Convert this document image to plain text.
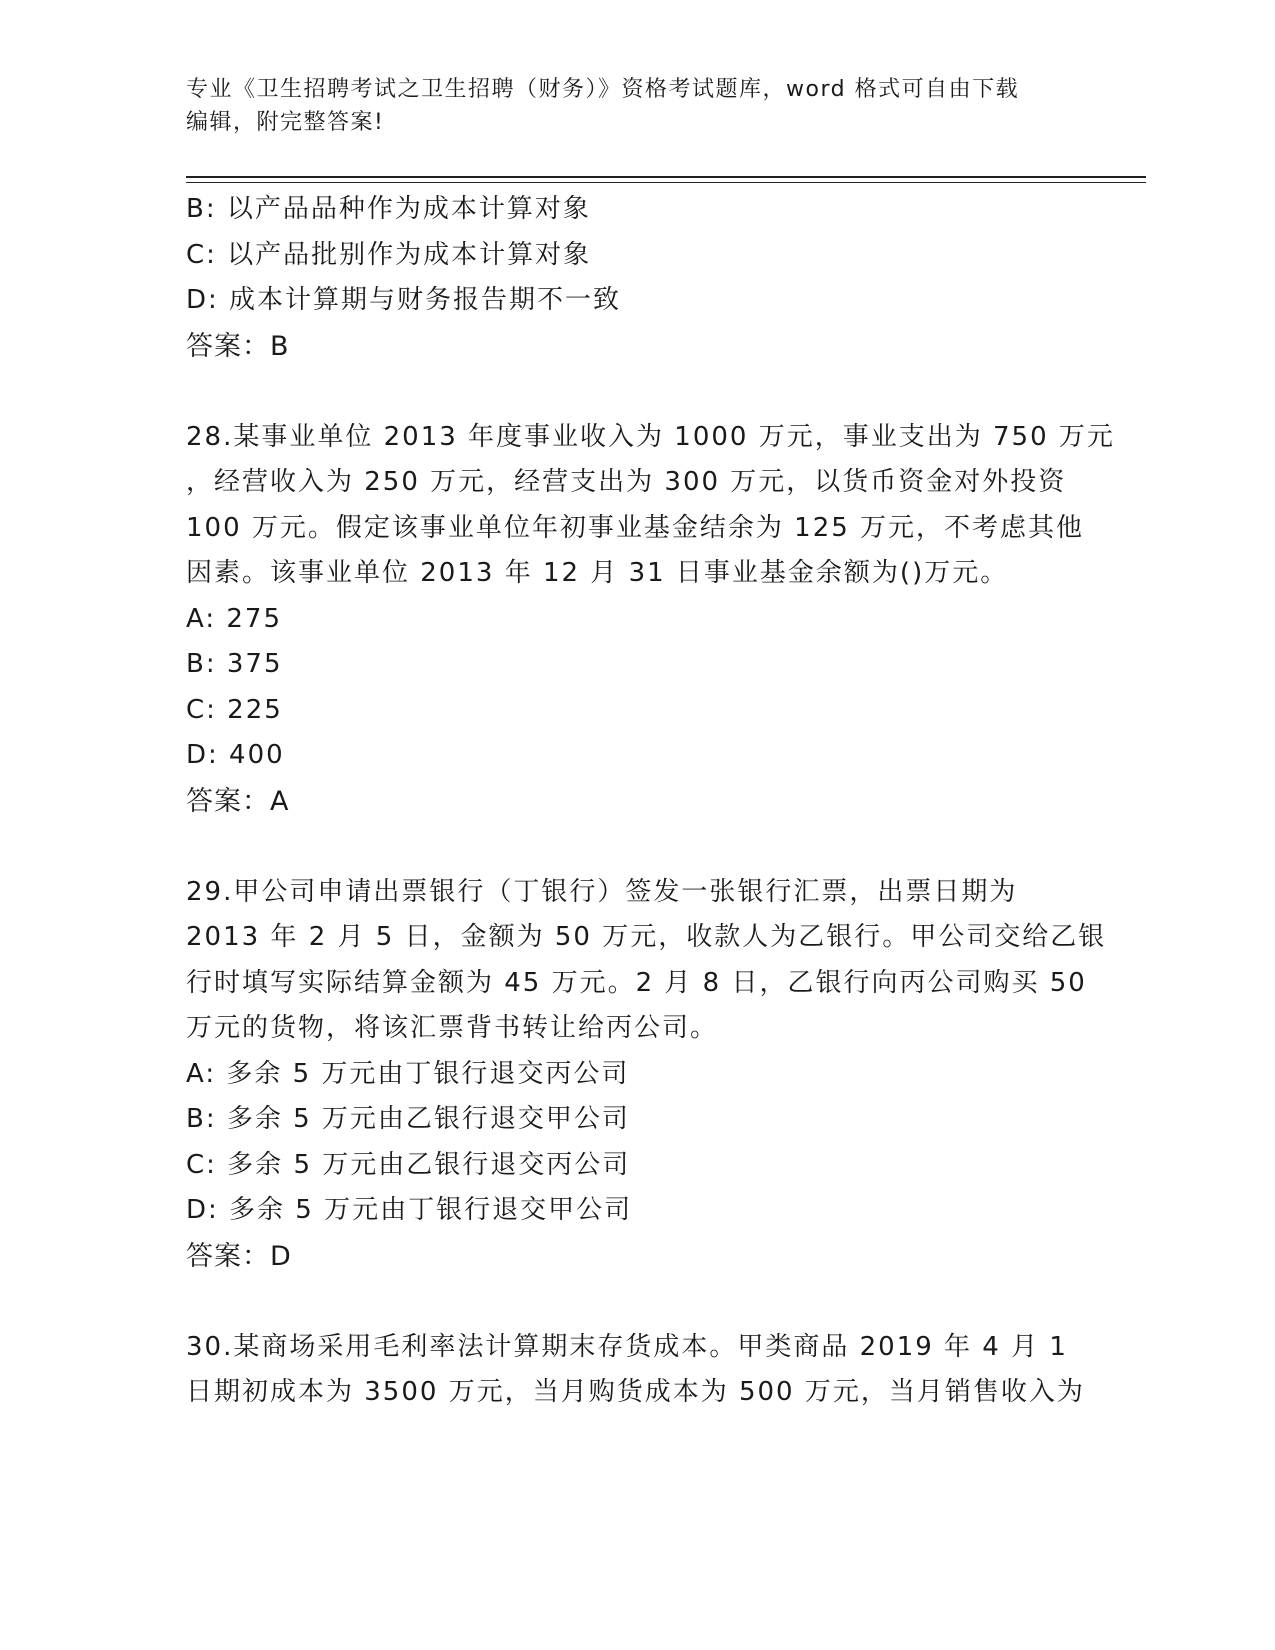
专业《卫生招聘考试之卫生招聘（财务）》资格考试题库，word 格式可自由下载
编辑，附完整答案!
B: 以产品品种作为成本计算对象
C: 以产品批别作为成本计算对象
D: 成本计算期与财务报告期不一致
答案：B
28.某事业单位 2013 年度事业收入为 1000 万元，事业支出为 750 万元
，经营收入为 250 万元，经营支出为 300 万元，以货币资金对外投资
100 万元。假定该事业单位年初事业基金结余为 125 万元，不考虑其他
因素。该事业单位 2013 年 12 月 31 日事业基金余额为()万元。
A: 275
B: 375
C: 225
D: 400
答案：A
29.甲公司申请出票银行（丁银行）签发一张银行汇票，出票日期为
2013 年 2 月 5 日，金额为 50 万元，收款人为乙银行。甲公司交给乙银
行时填写实际结算金额为 45 万元。2 月 8 日，乙银行向丙公司购买 50
万元的货物，将该汇票背书转让给丙公司。
A: 多余 5 万元由丁银行退交丙公司
B: 多余 5 万元由乙银行退交甲公司
C: 多余 5 万元由乙银行退交丙公司
D: 多余 5 万元由丁银行退交甲公司
答案：D
30.某商场采用毛利率法计算期末存货成本。甲类商品 2019 年 4 月 1
日期初成本为 3500 万元，当月购货成本为 500 万元，当月销售收入为
